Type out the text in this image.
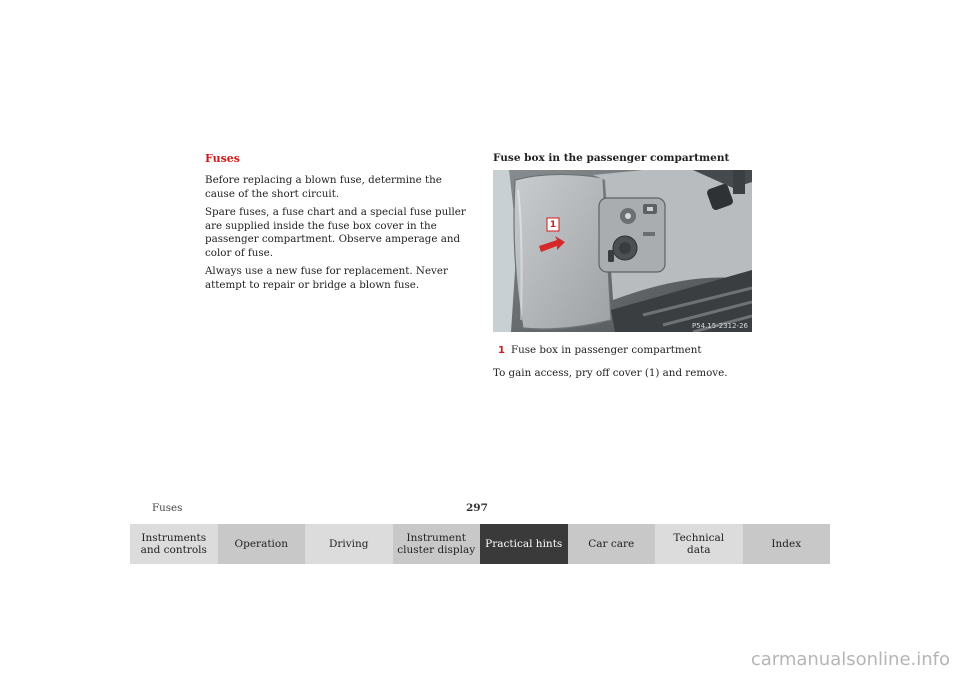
Fuses

Before replacing a blown fuse, determine the cause of the short circuit.

Spare fuses, a fuse chart and a special fuse puller are supplied inside the fuse box cover in the passenger compartment. Observe amperage and color of fuse.

Always use a new fuse for replacement. Never attempt to repair or bridge a blown fuse.

Fuse box in the passenger compartment
1
P54.15-2312-26

1 Fuse box in passenger compartment

To gain access, pry off cover (1) and remove.

Fuses	297
Instruments
and controls	Operation	Driving	Instrument
cluster display Practical hints	Car care	Technical
data	Index
carmanualsonline.info
